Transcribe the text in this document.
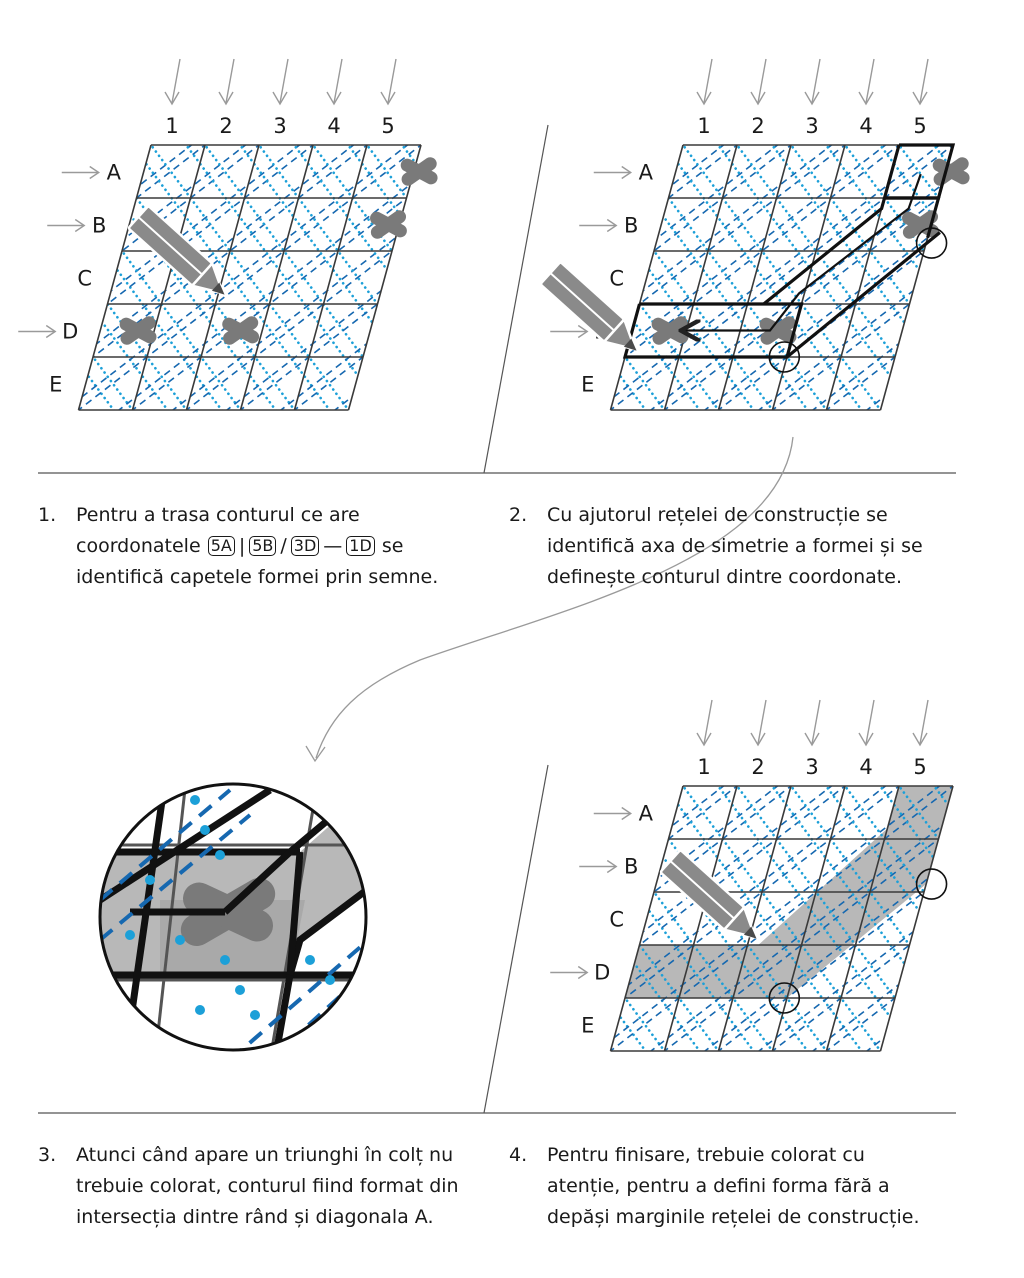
1 2 3 4 5
A
B
C
D
E
1 2 3 4 5
A
B
C
E
1 2 3 4 5
A
B
C
D
E
1. Pentru a trasa conturul ce are
coordonatele 5A | 5B ∕ 3D — 1D se
identifică capetele formei prin semne.
2. Cu ajutorul rețelei de construcție se
identifică axa de simetrie a formei și se
definește conturul dintre coordonate.
3. Atunci când apare un triunghi în colț nu
trebuie colorat, conturul fiind format din
intersecția dintre rând și diagonala A.
4. Pentru finisare, trebuie colorat cu
atenție, pentru a defini forma fără a
depăși marginile rețelei de construcție.
